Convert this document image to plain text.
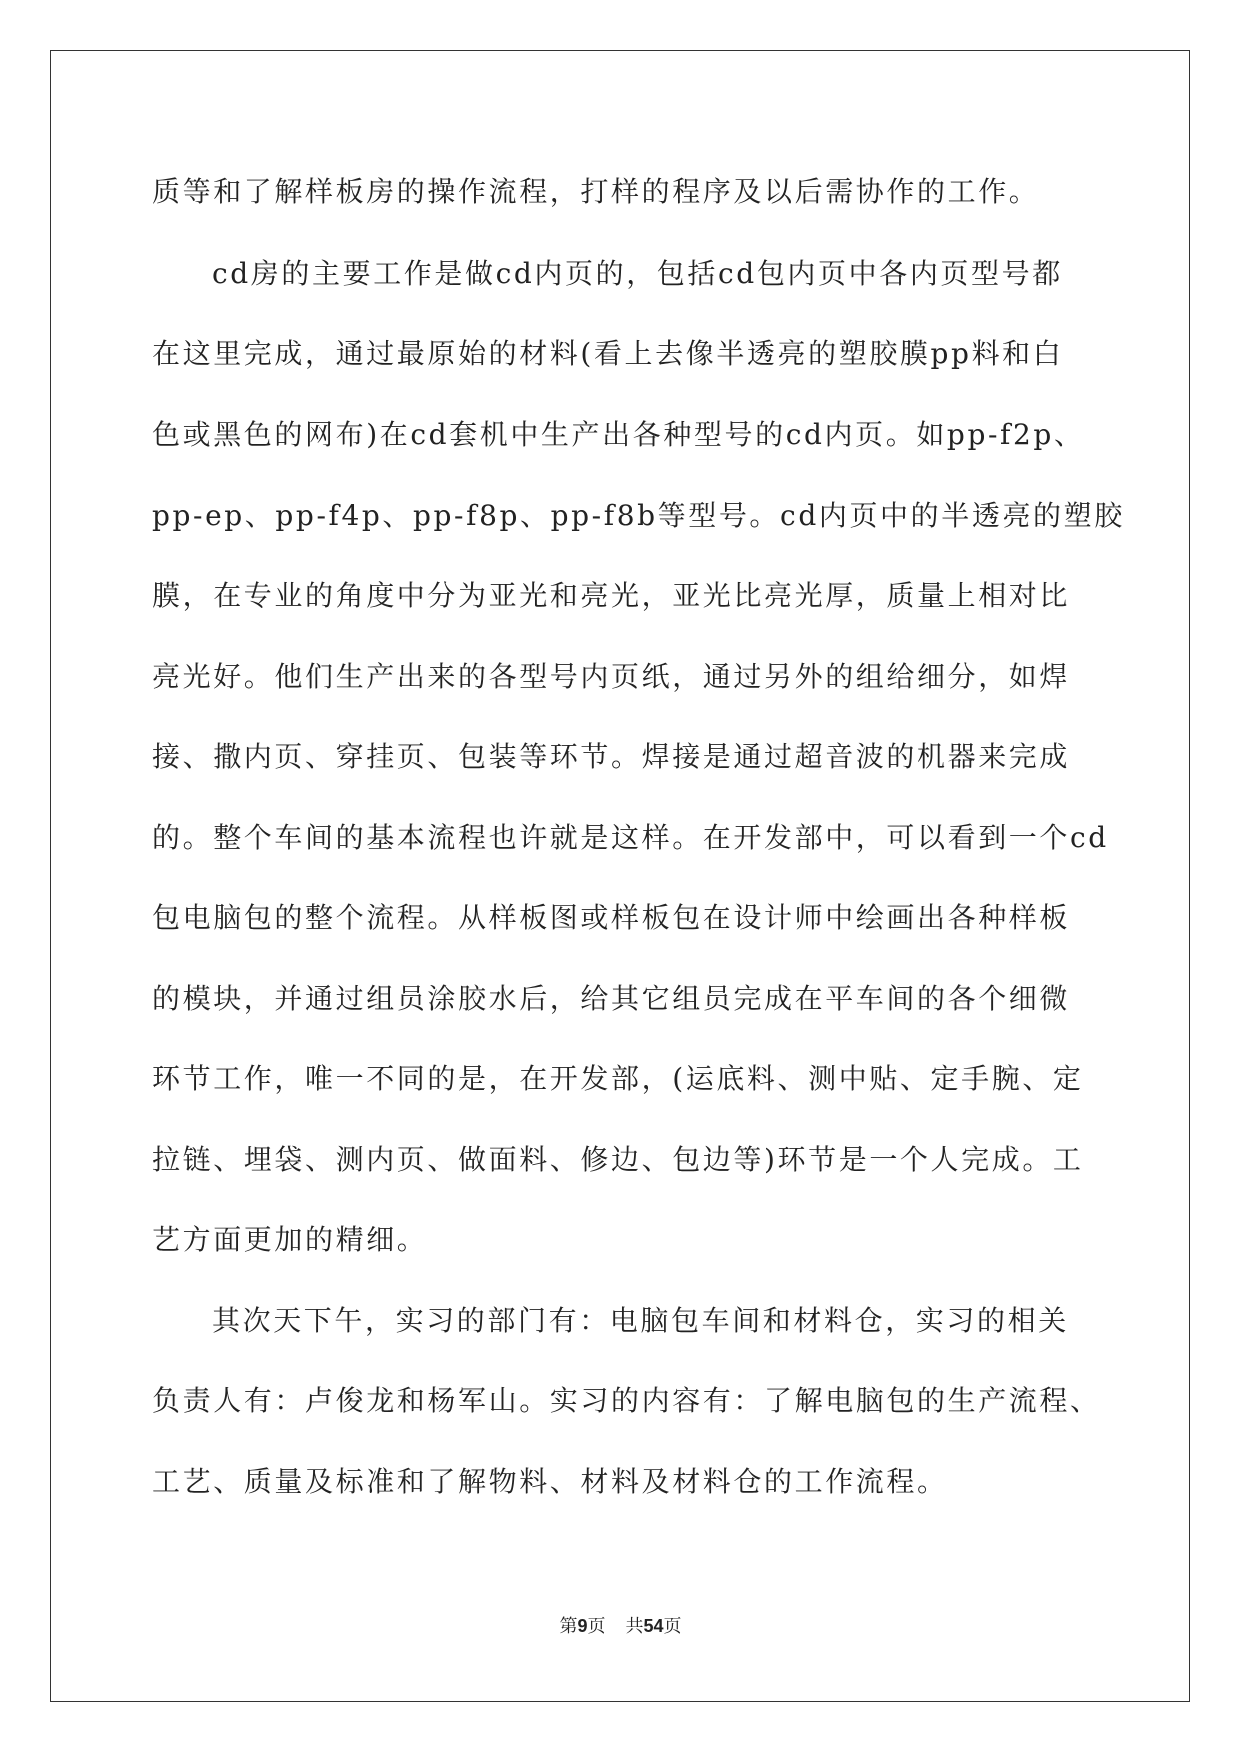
质等和了解样板房的操作流程，打样的程序及以后需协作的工作。
cd房的主要工作是做cd内页的，包括cd包内页中各内页型号都
在这里完成，通过最原始的材料(看上去像半透亮的塑胶膜pp料和白
色或黑色的网布)在cd套机中生产出各种型号的cd内页。如pp-f2p、
pp-ep、pp-f4p、pp-f8p、pp-f8b等型号。cd内页中的半透亮的塑胶
膜，在专业的角度中分为亚光和亮光，亚光比亮光厚，质量上相对比
亮光好。他们生产出来的各型号内页纸，通过另外的组给细分，如焊
接、撒内页、穿挂页、包装等环节。焊接是通过超音波的机器来完成
的。整个车间的基本流程也许就是这样。在开发部中，可以看到一个cd
包电脑包的整个流程。从样板图或样板包在设计师中绘画出各种样板
的模块，并通过组员涂胶水后，给其它组员完成在平车间的各个细微
环节工作，唯一不同的是，在开发部，(运底料、测中贴、定手腕、定
拉链、埋袋、测内页、做面料、修边、包边等)环节是一个人完成。工
艺方面更加的精细。
其次天下午，实习的部门有：电脑包车间和材料仓，实习的相关
负责人有：卢俊龙和杨军山。实习的内容有：了解电脑包的生产流程、
工艺、质量及标准和了解物料、材料及材料仓的工作流程。
第9页 共54页
